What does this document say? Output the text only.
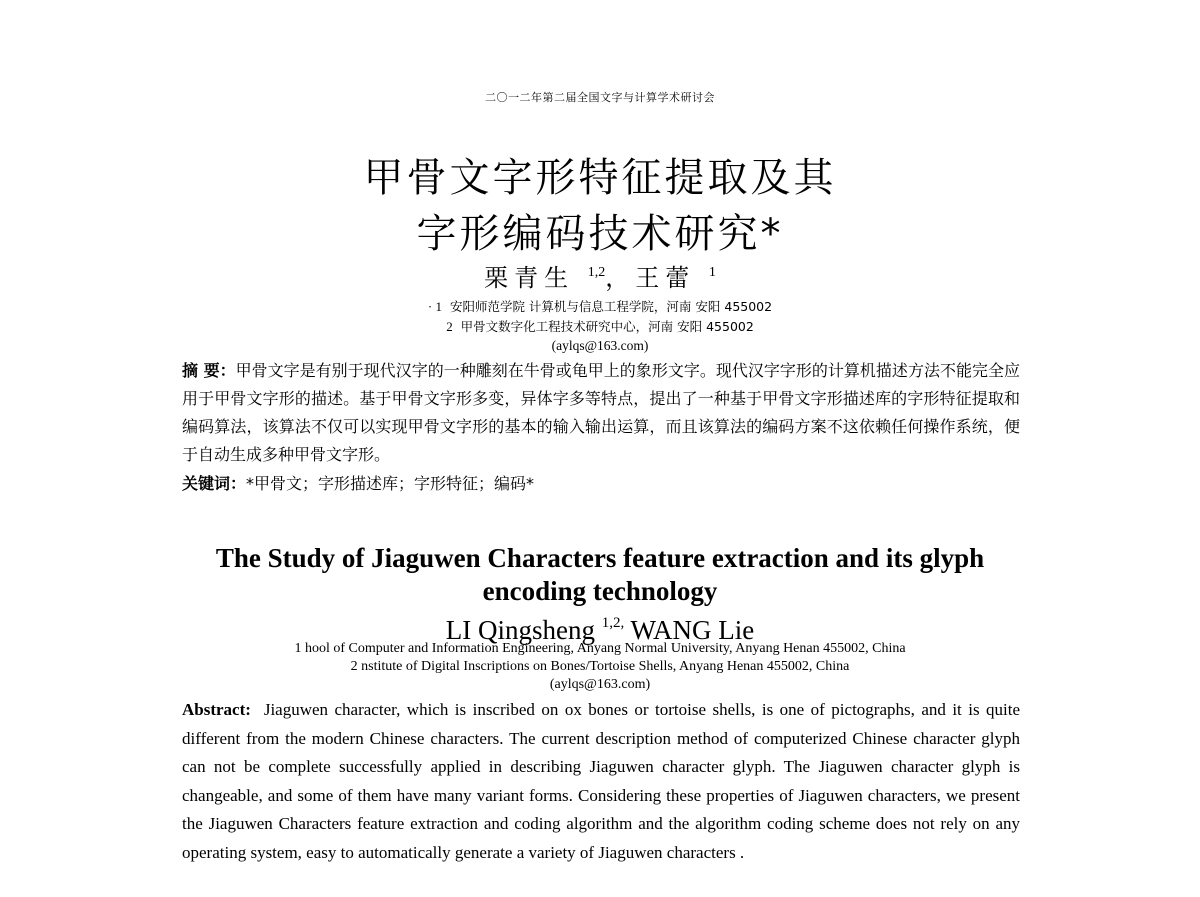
二〇一二年第二届全国文字与计算学术研讨会
甲骨文字形特征提取及其
字形编码技术研究*
栗青生 $^{1,2}$，王蕾 $^1$
· 1 安阳师范学院 计算机与信息工程学院，河南 安阳 455002
2 甲骨文数字化工程技术研究中心，河南 安阳 455002
(aylqs@163.com)
摘 要：甲骨文字是有别于现代汉字的一种雕刻在牛骨或龟甲上的象形文字。现代汉字字形的计算机描述方法不能完全应用于甲骨文字形的描述。基于甲骨文字形多变，异体字多等特点，提出了一种基于甲骨文字形描述库的字形特征提取和编码算法，该算法不仅可以实现甲骨文字形的基本的输入输出运算，而且该算法的编码方案不这依赖任何操作系统，便于自动生成多种甲骨文字形。
关键词：*甲骨文；字形描述库；字形特征；编码*
The Study of Jiaguwen Characters feature extraction and its glyph
encoding technology
LI Qingsheng $^{1,2,}$ WANG Lie
1 hool of Computer and Information Engineering, Anyang Normal University, Anyang Henan 455002, China
2 nstitute of Digital Inscriptions on Bones/Tortoise Shells, Anyang Henan 455002, China
(aylqs@163.com)
Abstract: Jiaguwen character, which is inscribed on ox bones or tortoise shells, is one of pictographs, and it is quite different from the modern Chinese characters. The current description method of computerized Chinese character glyph can not be complete successfully applied in describing Jiaguwen character glyph. The Jiaguwen character glyph is changeable, and some of them have many variant forms. Considering these properties of Jiaguwen characters, we present the Jiaguwen Characters feature extraction and coding algorithm and the algorithm coding scheme does not rely on any operating system, easy to automatically generate a variety of Jiaguwen characters .
